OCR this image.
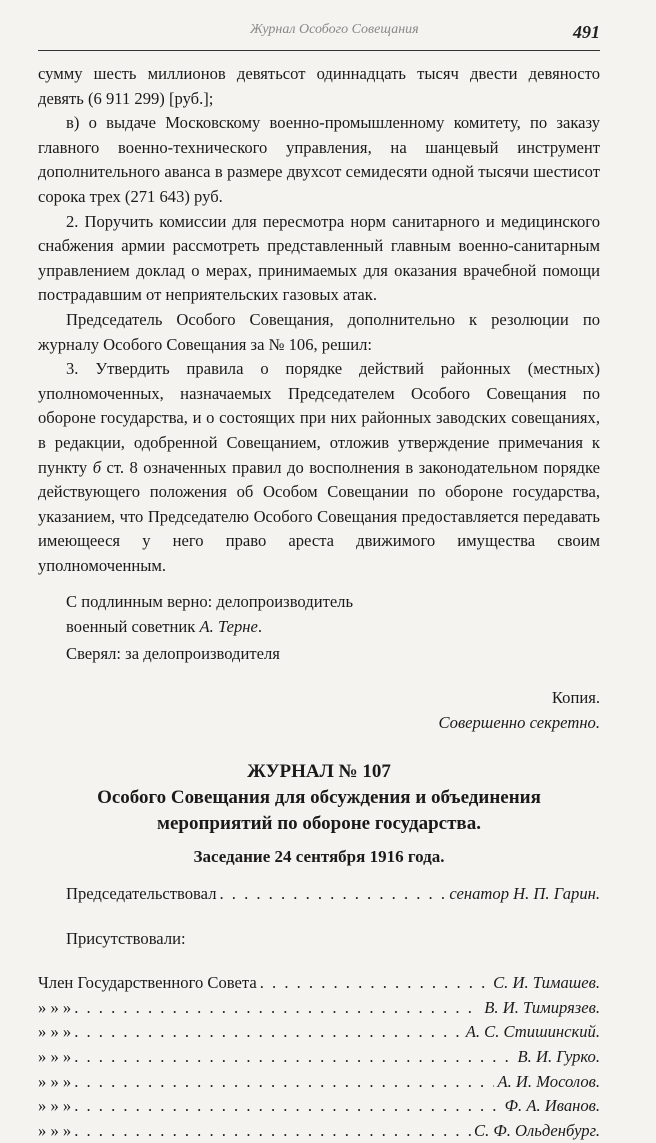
Журнал Особого Совещания	491

сумму шесть миллионов девятьсот одиннадцать тысяч двести девяносто девять (6 911 299) [руб.];

в) о выдаче Московскому военно-промышленному комитету, по заказу главного военно-технического управления, на шанцевый инструмент дополнительного аванса в размере двухсот семидесяти одной тысячи шестисот сорока трех (271 643) руб.

2. Поручить комиссии для пересмотра норм санитарного и медицинского снабжения армии рассмотреть представленный главным военно-санитарным управлением доклад о мерах, принимаемых для оказания врачебной помощи пострадавшим от неприятельских газовых атак.

Председатель Особого Совещания, дополнительно к резолюции по журналу Особого Совещания за № 106, решил:

3. Утвердить правила о порядке действий районных (местных) уполномоченных, назначаемых Председателем Особого Совещания по обороне государства, и о состоящих при них районных заводских совещаниях, в редакции, одобренной Совещанием, отложив утверждение примечания к пункту б ст. 8 означенных правил до восполнения в законодательном порядке действующего положения об Особом Совещании по обороне государства, указанием, что Председателю Особого Совещания предоставляется передавать имеющееся у него право ареста движимого имущества своим уполномоченным.

С подлинным верно: делопроизводитель

военный советник А. Терне.

Сверял: за делопроизводителя

Копия.

Совершенно секретно.

ЖУРНАЛ № 107

Особого Совещания для обсуждения и объединения мероприятий по обороне государства.

Заседание 24 сентября 1916 года.

Председательствовал . . .	сенатор Н. П. Гарин.

Присутствовали:

Член Государственного Совета . . .	С. И. Тимашев.
» » » . . .	В. И. Тимирязев.
» » » . . .	А. С. Стишинский.
» » » . . .	В. И. Гурко.
» » » . . .	А. И. Мосолов.
» » » . . .	Ф. А. Иванов.
» » » . . .	С. Ф. Ольденбург.
